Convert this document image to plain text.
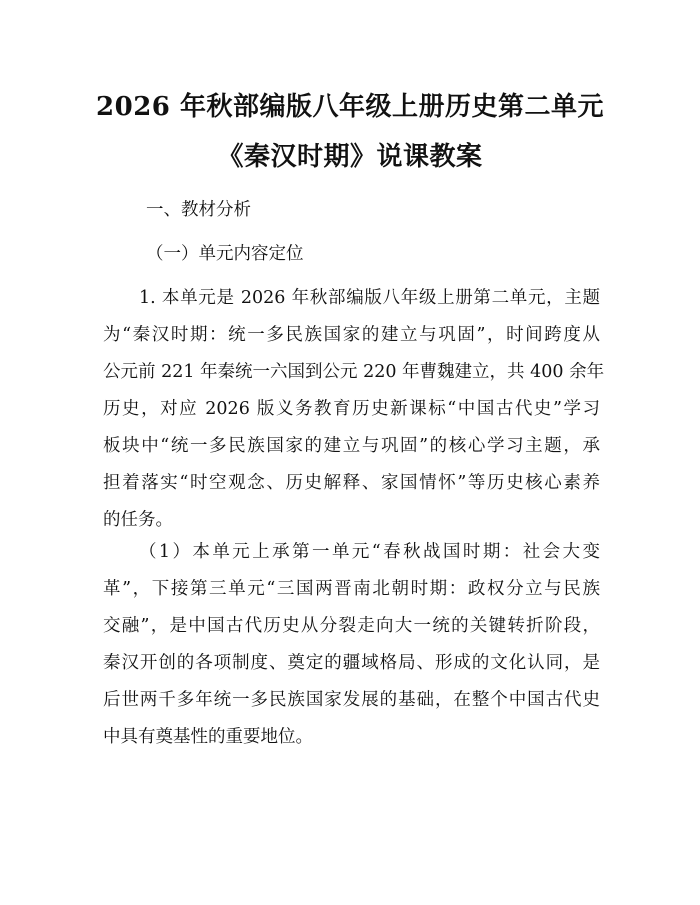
2026 年秋部编版八年级上册历史第二单元
《秦汉时期》说课教案
一、教材分析
（一）单元内容定位
1. 本单元是 2026 年秋部编版八年级上册第二单元，主题
为“秦汉时期：统一多民族国家的建立与巩固”，时间跨度从
公元前 221 年秦统一六国到公元 220 年曹魏建立，共 400 余年
历史，对应 2026 版义务教育历史新课标“中国古代史”学习
板块中“统一多民族国家的建立与巩固”的核心学习主题，承
担着落实“时空观念、历史解释、家国情怀”等历史核心素养
的任务。
（1）本单元上承第一单元“春秋战国时期：社会大变
革”，下接第三单元“三国两晋南北朝时期：政权分立与民族
交融”，是中国古代历史从分裂走向大一统的关键转折阶段，
秦汉开创的各项制度、奠定的疆域格局、形成的文化认同，是
后世两千多年统一多民族国家发展的基础，在整个中国古代史
中具有奠基性的重要地位。
